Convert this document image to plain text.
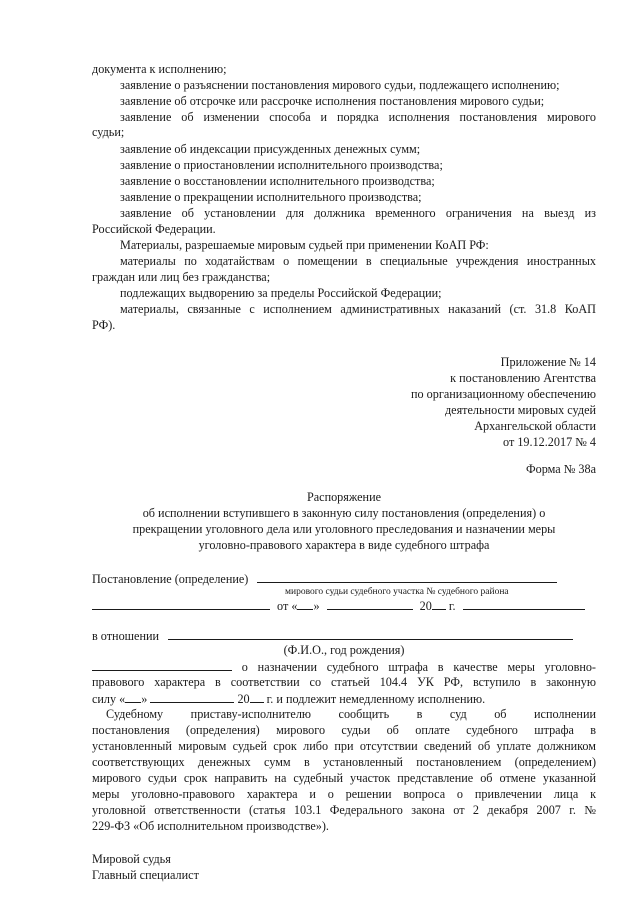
документа к исполнению;
заявление о разъяснении постановления мирового судьи, подлежащего исполнению;
заявление об отсрочке или рассрочке исполнения постановления мирового судьи;
заявление об изменении способа и порядка исполнения постановления мирового
судьи;
заявление об индексации присужденных денежных сумм;
заявление о приостановлении исполнительного производства;
заявление о восстановлении исполнительного производства;
заявление о прекращении исполнительного производства;
заявление об установлении для должника временного ограничения на выезд из
Российской Федерации.
Материалы, разрешаемые мировым судьей при применении КоАП РФ:
материалы по ходатайствам о помещении в специальные учреждения иностранных
граждан или лиц без гражданства;
подлежащих выдворению за пределы Российской Федерации;
материалы, связанные с исполнением административных наказаний (ст. 31.8 КоАП
РФ).
Приложение № 14
к постановлению Агентства
по организационному обеспечению
деятельности мировых судей
Архангельской области
от 19.12.2017 № 4
Форма № 38а
Распоряжение
об исполнении вступившего в законную силу постановления (определения) о
прекращении уголовного дела или уголовного преследования и назначении меры
уголовно-правового характера в виде судебного штрафа
Постановление (определение)
мирового судьи судебного участка № судебного района
от « »	20 г.
в отношении
(Ф.И.О., год рождения)
о назначении судебного штрафа в качестве меры уголовно-
правового характера в соответствии со статьей 104.4 УК РФ, вступило в законную
силу « »	20 г. и подлежит немедленному исполнению.
Судебному приставу-исполнителю сообщить в суд об исполнении
постановления (определения) мирового судьи об оплате судебного штрафа в
установленный мировым судьей срок либо при отсутствии сведений об уплате должником
соответствующих денежных сумм в установленный постановлением (определением)
мирового судьи срок направить на судебный участок представление об отмене указанной
меры уголовно-правового характера и о решении вопроса о привлечении лица к
уголовной ответственности (статья 103.1 Федерального закона от 2 декабря 2007 г. №
229-ФЗ «Об исполнительном производстве»).
Мировой судья
Главный специалист
